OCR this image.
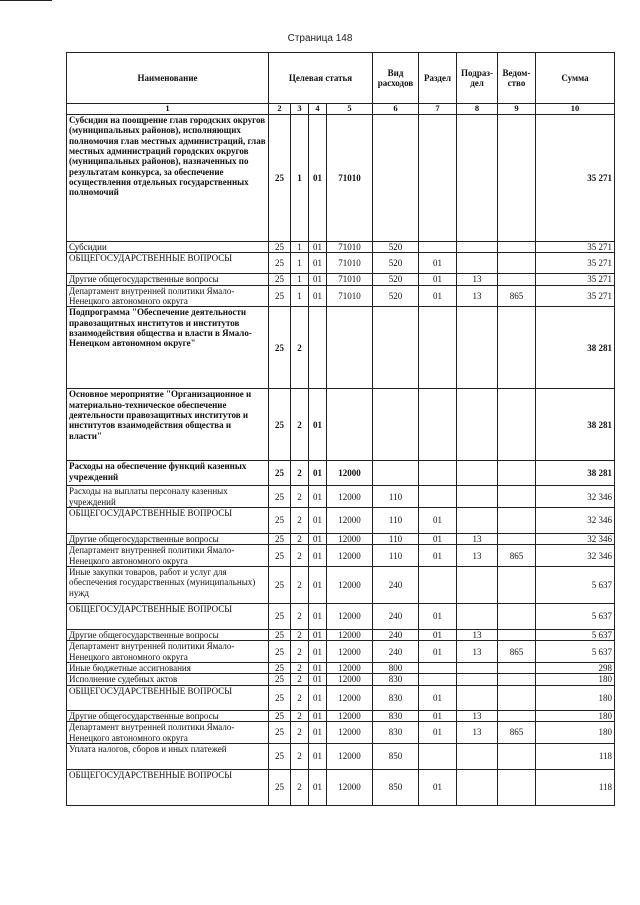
Страница 148
Наименование	Целевая статья				Вид расходов	Раздел	Подраз-дел	Ведом-ство	Сумма
1	2	3	4	5	6	7	8	9	10
Субсидия на поощрение глав городских округов (муниципальных районов), исполняющих полномочия глав местных администраций, глав местных администраций городских округов (муниципальных районов), назначенных по результатам конкурса, за обеспечение осуществления отдельных государственных полномочий	25	1	01	71010					35 271
Субсидии	25	1	01	71010	520				35 271
ОБЩЕГОСУДАРСТВЕННЫЕ ВОПРОСЫ	25	1	01	71010	520	01			35 271
Другие общегосударственные вопросы	25	1	01	71010	520	01	13		35 271
Департамент внутренней политики Ямало-Ненецкого автономного округа	25	1	01	71010	520	01	13	865	35 271
Подпрограмма "Обеспечение деятельности правозащитных институтов и институтов взаимодействия общества и власти в Ямало-Ненецком автономном округе"	25	2							38 281
Основное мероприятие "Организационное и материально-техническое обеспечение деятельности правозащитных институтов и институтов взаимодействия общества и власти"	25	2	01						38 281
Расходы на обеспечение функций казенных учреждений	25	2	01	12000					38 281
Расходы на выплаты персоналу казенных учреждений	25	2	01	12000	110				32 346
ОБЩЕГОСУДАРСТВЕННЫЕ ВОПРОСЫ	25	2	01	12000	110	01			32 346
Другие общегосударственные вопросы	25	2	01	12000	110	01	13		32 346
Департамент внутренней политики Ямало-Ненецкого автономного округа	25	2	01	12000	110	01	13	865	32 346
Иные закупки товаров, работ и услуг для обеспечения государственных (муниципальных) нужд	25	2	01	12000	240				5 637
ОБЩЕГОСУДАРСТВЕННЫЕ ВОПРОСЫ	25	2	01	12000	240	01			5 637
Другие общегосударственные вопросы	25	2	01	12000	240	01	13		5 637
Департамент внутренней политики Ямало-Ненецкого автономного округа	25	2	01	12000	240	01	13	865	5 637
Иные бюджетные ассигнования	25	2	01	12000	800				298
Исполнение судебных актов	25	2	01	12000	830				180
ОБЩЕГОСУДАРСТВЕННЫЕ ВОПРОСЫ	25	2	01	12000	830	01			180
Другие общегосударственные вопросы	25	2	01	12000	830	01	13		180
Департамент внутренней политики Ямало-Ненецкого автономного округа	25	2	01	12000	830	01	13	865	180
Уплата налогов, сборов и иных платежей	25	2	01	12000	850				118
ОБЩЕГОСУДАРСТВЕННЫЕ ВОПРОСЫ	25	2	01	12000	850	01			118
